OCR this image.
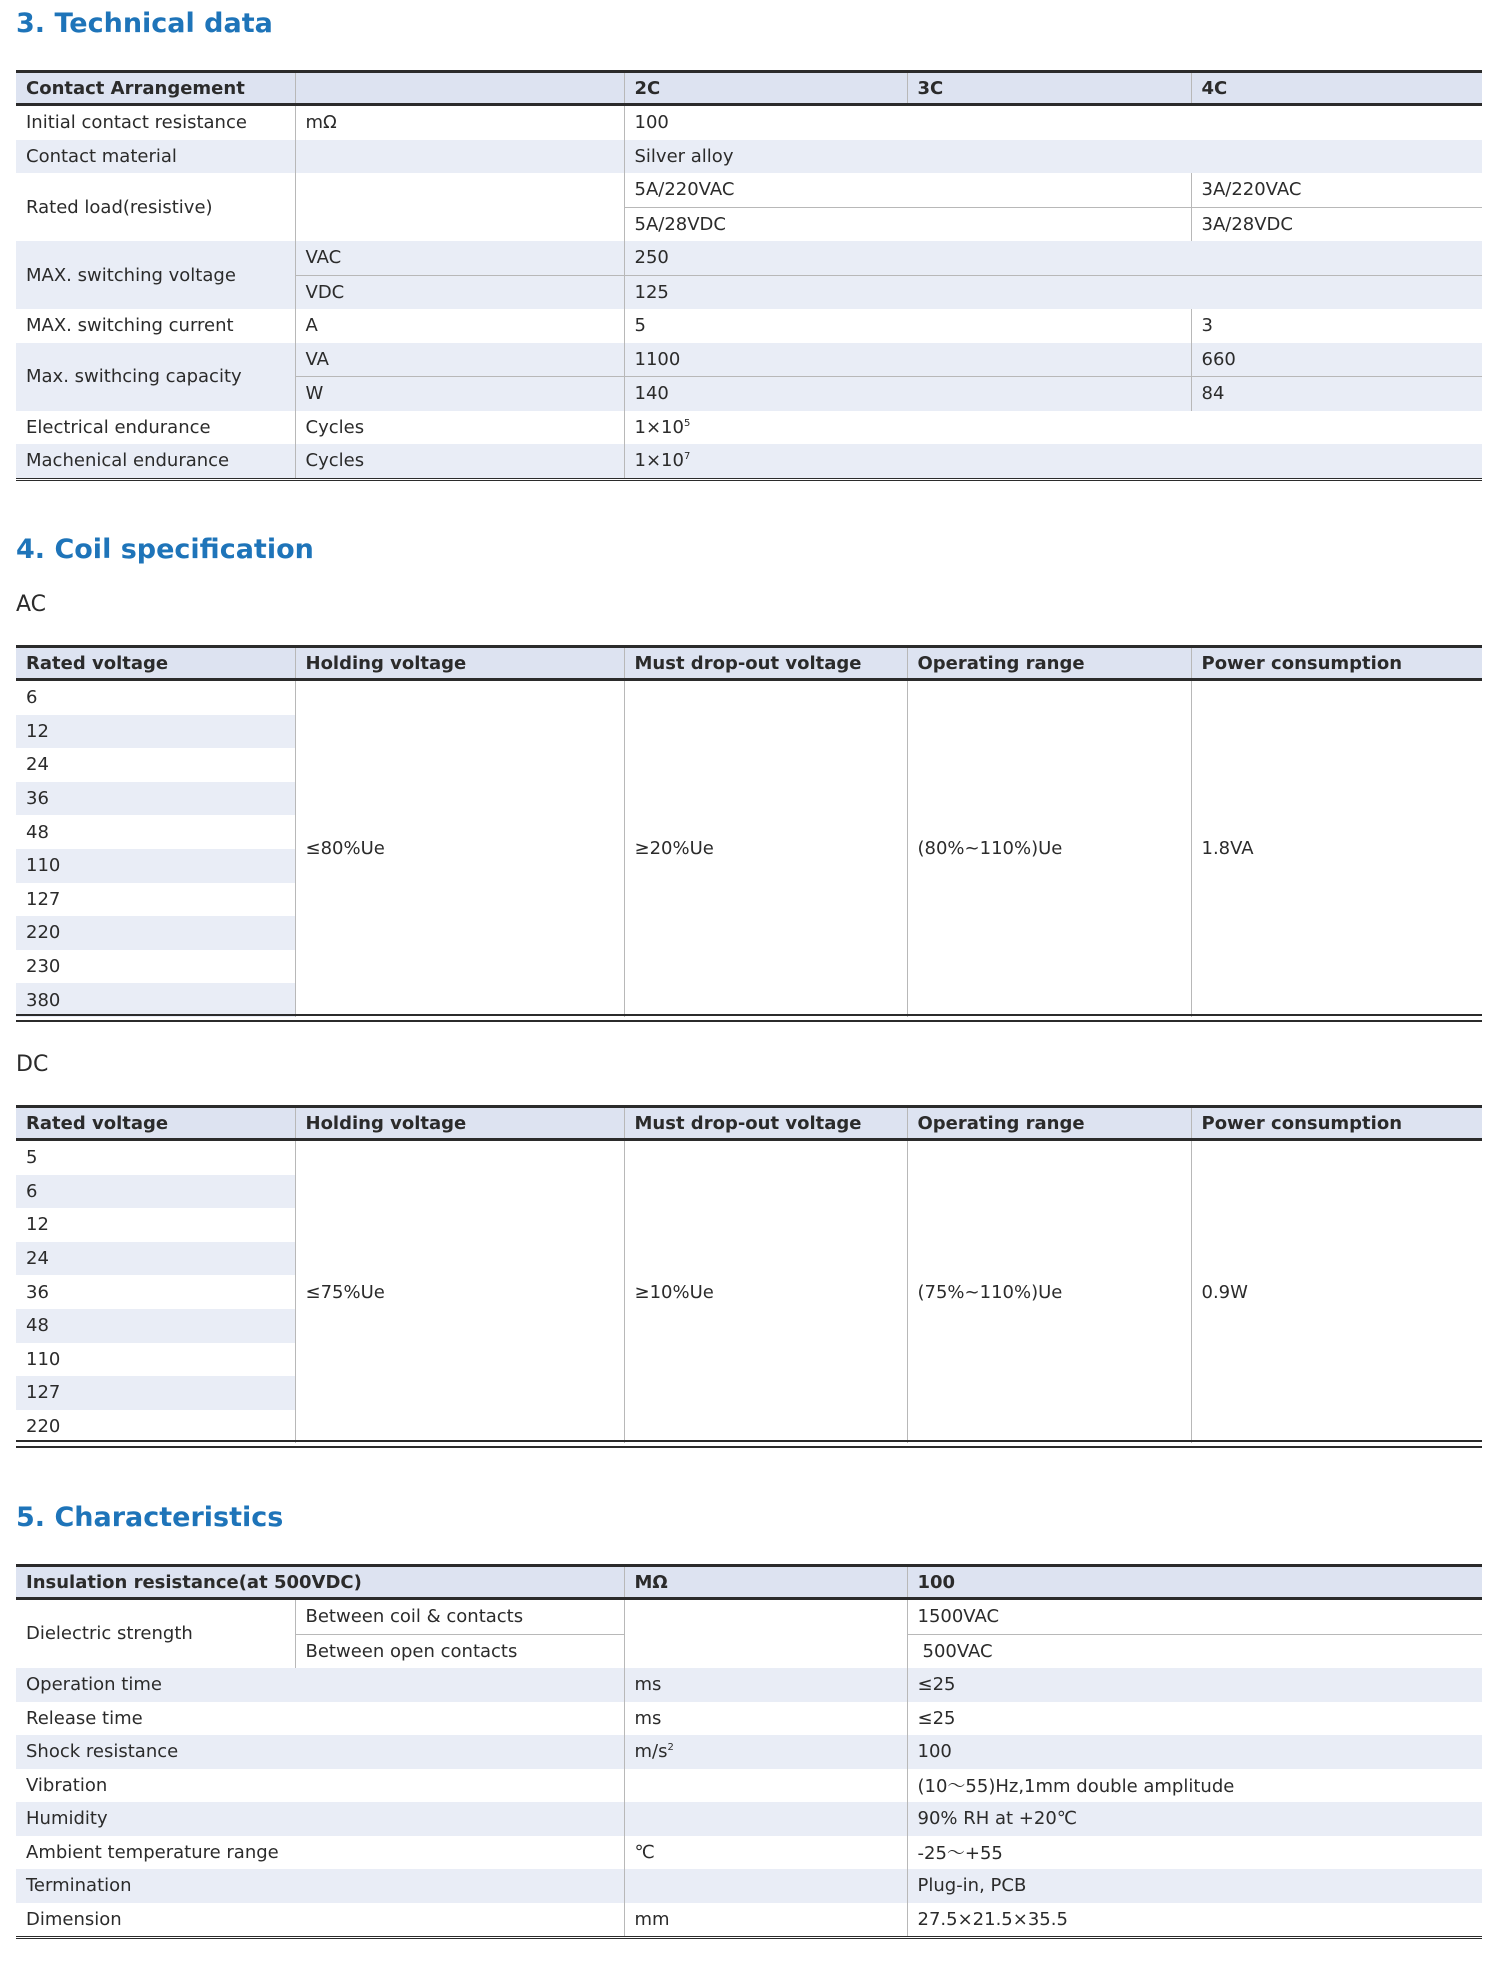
3. Technical data
Contact Arrangement		2C	3C	4C
Initial contact resistance	mΩ	100		
Contact material		Silver alloy		
Rated load(resistive)		5A/220VAC		3A/220VAC
		5A/28VDC		3A/28VDC
MAX. switching voltage	VAC	250		
	VDC	125		
MAX. switching current	A	5		3
Max. swithcing capacity	VA	1100		660
	W	140		84
Electrical endurance	Cycles	$1\times 10^5$
Machenical endurance	Cycles	$1\times 10^7$
4. Coil specification
AC
Rated voltage	Holding voltage	Must drop-out voltage	Operating range	Power consumption
6	≤80%Ue	≥20%Ue	(80%~110%)Ue	1.8VA
12				
24				
36				
48				
110				
127				
220				
230				
380				
DC
Rated voltage	Holding voltage	Must drop-out voltage	Operating range	Power consumption
5	≤75%Ue	≥10%Ue	(75%~110%)Ue	0.9W
6				
12				
24				
36				
48				
110				
127				
220				
5. Characteristics
Insulation resistance(at 500VDC)		MΩ	100
Dielectric strength	Between coil & contacts		1500VAC
	Between open contacts		500VAC
Operation time		ms	≤25
Release time		ms	≤25
Shock resistance		$m/s^2$	100
Vibration			(10～55)Hz,1mm double amplitude
Humidity			90% RH at +20℃
Ambient temperature range		℃	-25～+55
Termination			Plug-in, PCB
Dimension		mm	27.5×21.5×35.5
